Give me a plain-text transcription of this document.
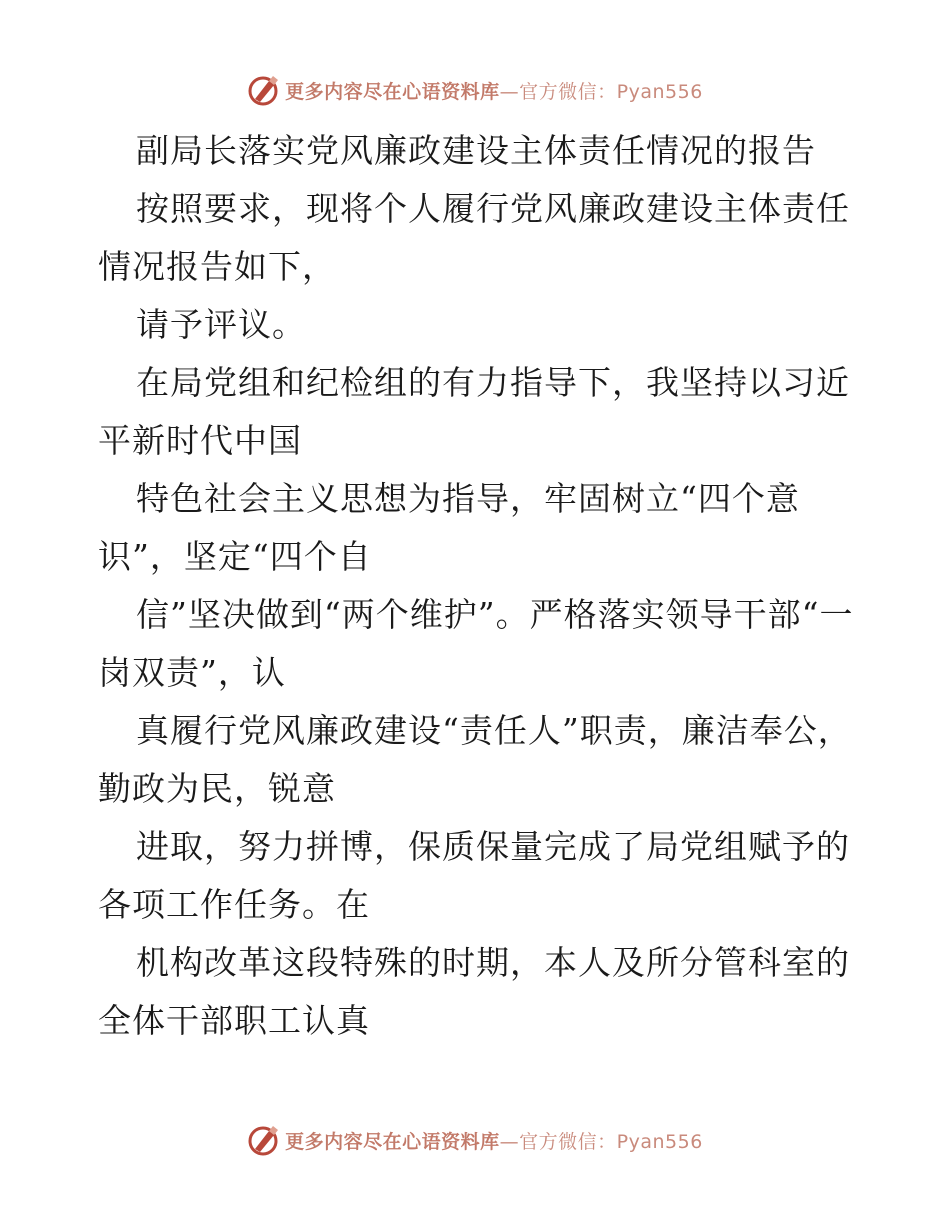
更多内容尽在心语资料库—官方微信：Pyan556

副局长落实党风廉政建设主体责任情况的报告

按照要求，现将个人履行党风廉政建设主体责任情况报告如下，

请予评议。

在局党组和纪检组的有力指导下，我坚持以习近平新时代中国

特色社会主义思想为指导，牢固树立“四个意识”，坚定“四个自

信”坚决做到“两个维护”。严格落实领导干部“一岗双责”，认

真履行党风廉政建设“责任人”职责，廉洁奉公，勤政为民，锐意

进取，努力拼博，保质保量完成了局党组赋予的各项工作任务。在

机构改革这段特殊的时期，本人及所分管科室的全体干部职工认真

更多内容尽在心语资料库—官方微信：Pyan556
